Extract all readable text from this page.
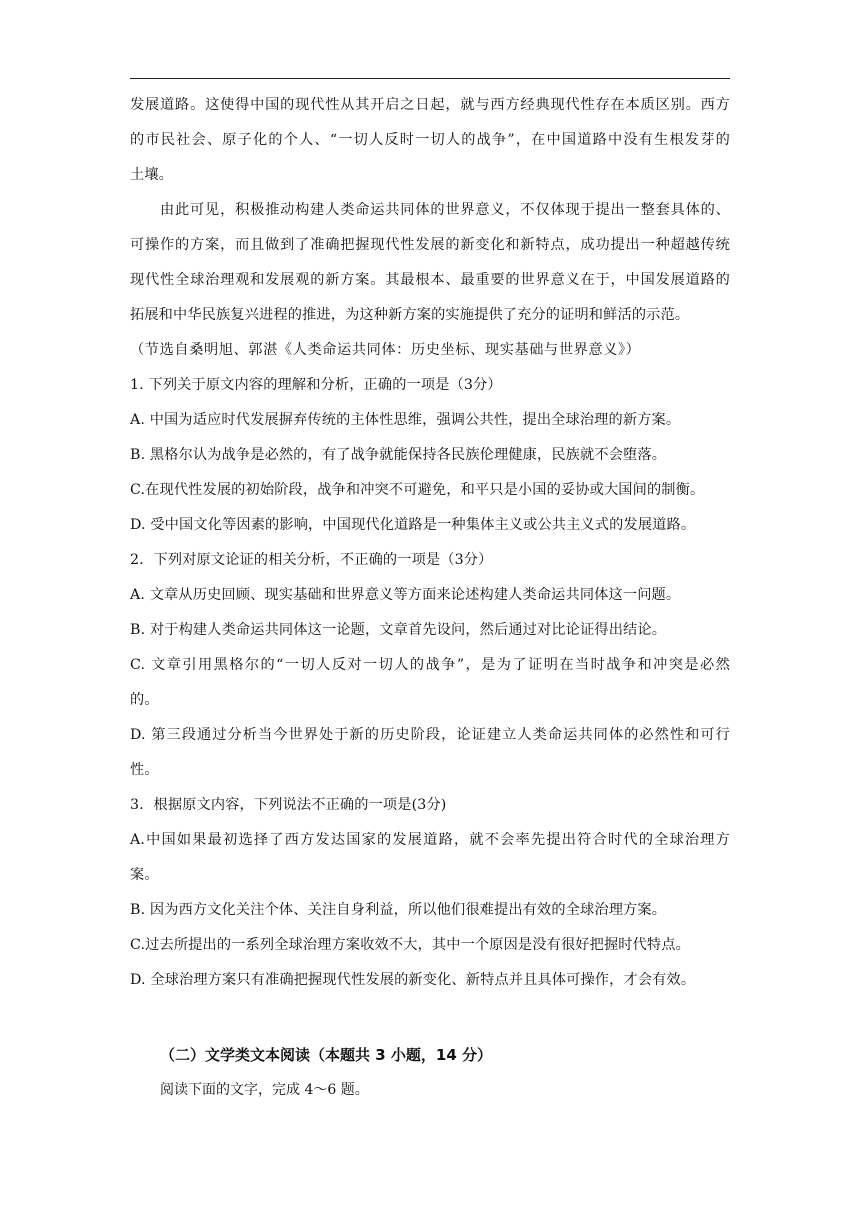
发展道路。这使得中国的现代性从其开启之日起，就与西方经典现代性存在本质区别。西方
的市民社会、原子化的个人、“一切人反时一切人的战争”，在中国道路中没有生根发芽的
土壤。
由此可见，积极推动构建人类命运共同体的世界意义，不仅体现于提出一整套具体的、
可操作的方案，而且做到了准确把握现代性发展的新变化和新特点，成功提出一种超越传统
现代性全球治理观和发展观的新方案。其最根本、最重要的世界意义在于，中国发展道路的
拓展和中华民族复兴进程的推进，为这种新方案的实施提供了充分的证明和鲜活的示范。
（节选自桑明旭、郭湛《人类命运共同体：历史坐标、现实基础与世界意义》）
1. 下列关于原文内容的理解和分析，正确的一项是（3分）
A. 中国为适应时代发展摒弃传统的主体性思维，强调公共性，提出全球治理的新方案。
B. 黑格尔认为战争是必然的，有了战争就能保持各民族伦理健康，民族就不会堕落。
C.在现代性发展的初始阶段，战争和冲突不可避免，和平只是小国的妥协或大国间的制衡。
D. 受中国文化等因素的影响，中国现代化道路是一种集体主义或公共主义式的发展道路。
2．下列对原文论证的相关分析，不正确的一项是（3分）
A. 文章从历史回顾、现实基础和世界意义等方面来论述构建人类命运共同体这一问题。
B. 对于构建人类命运共同体这一论题，文章首先设问，然后通过对比论证得出结论。
C. 文章引用黑格尔的“一切人反对一切人的战争”，是为了证明在当时战争和冲突是必然
的。
D. 第三段通过分析当今世界处于新的历史阶段，论证建立人类命运共同体的必然性和可行
性。
3．根据原文内容，下列说法不正确的一项是(3分)
A.中国如果最初选择了西方发达国家的发展道路，就不会率先提出符合时代的全球治理方
案。
B. 因为西方文化关注个体、关注自身利益，所以他们很难提出有效的全球治理方案。
C.过去所提出的一系列全球治理方案收效不大，其中一个原因是没有很好把握时代特点。
D. 全球治理方案只有准确把握现代性发展的新变化、新特点并且具体可操作，才会有效。
（二）文学类文本阅读（本题共 3 小题，14 分）
阅读下面的文字，完成 4～6 题。
